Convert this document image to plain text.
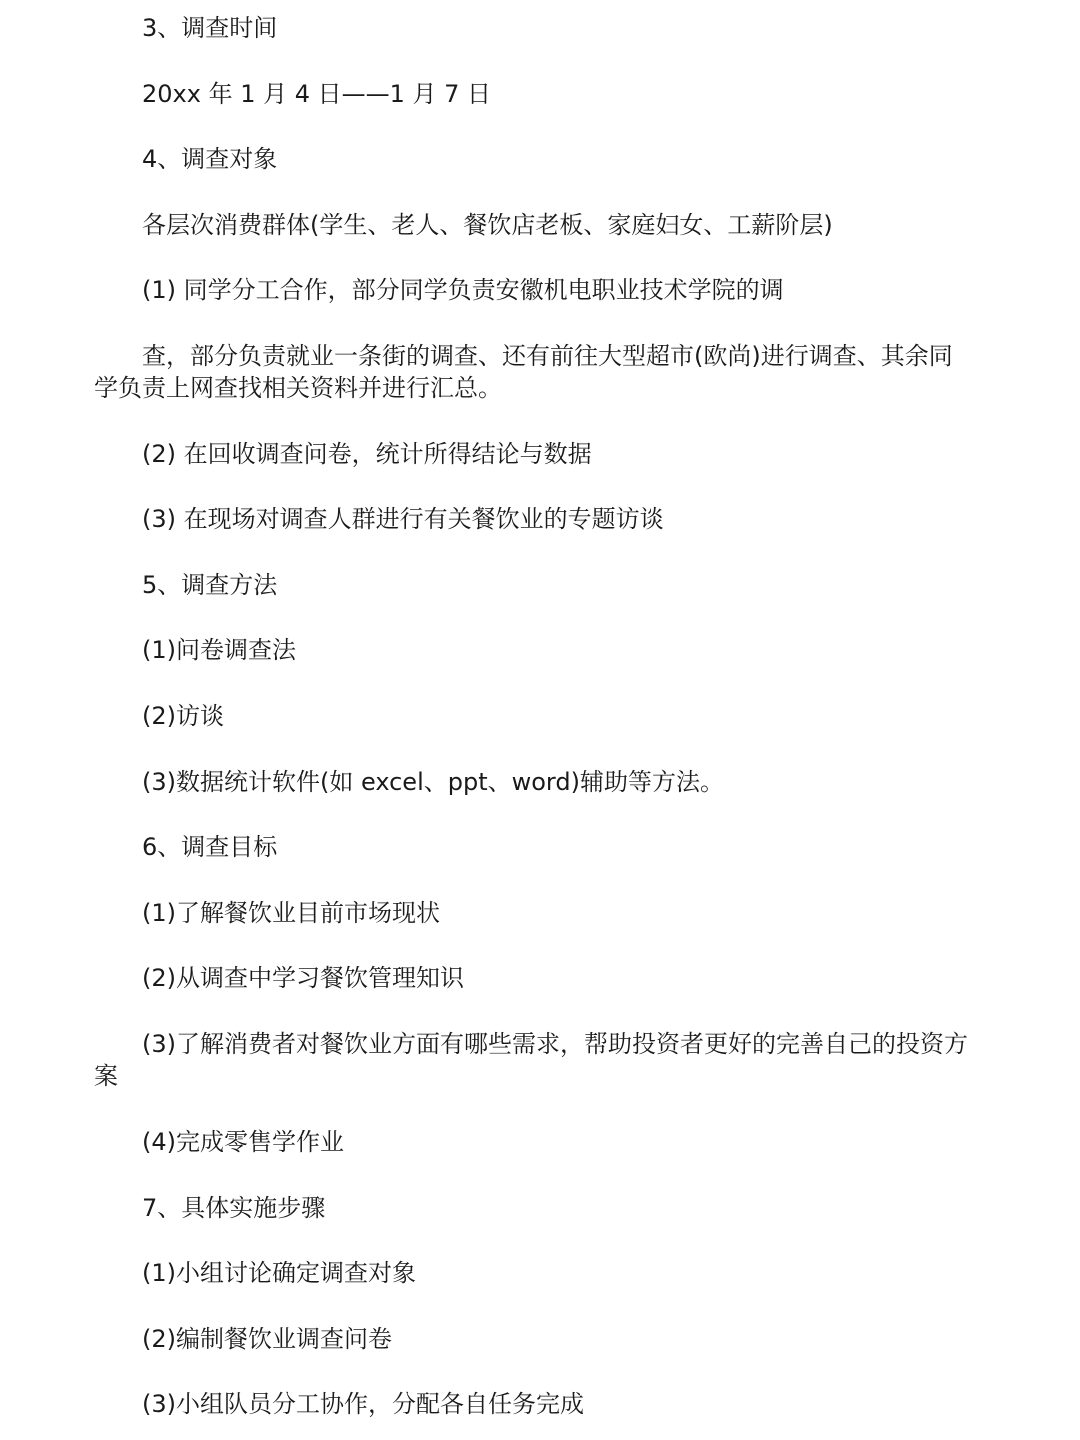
3、调查时间
20xx 年 1 月 4 日——1 月 7 日
4、调查对象
各层次消费群体(学生、老人、餐饮店老板、家庭妇女、工薪阶层)
(1) 同学分工合作，部分同学负责安徽机电职业技术学院的调
查，部分负责就业一条街的调查、还有前往大型超市(欧尚)进行调查、其余同学负责上网查找相关资料并进行汇总。
(2) 在回收调查问卷，统计所得结论与数据
(3) 在现场对调查人群进行有关餐饮业的专题访谈
5、调查方法
(1)问卷调查法
(2)访谈
(3)数据统计软件(如 excel、ppt、word)辅助等方法。
6、调查目标
(1)了解餐饮业目前市场现状
(2)从调查中学习餐饮管理知识
(3)了解消费者对餐饮业方面有哪些需求，帮助投资者更好的完善自己的投资方案
(4)完成零售学作业
7、具体实施步骤
(1)小组讨论确定调查对象
(2)编制餐饮业调查问卷
(3)小组队员分工协作，分配各自任务完成
